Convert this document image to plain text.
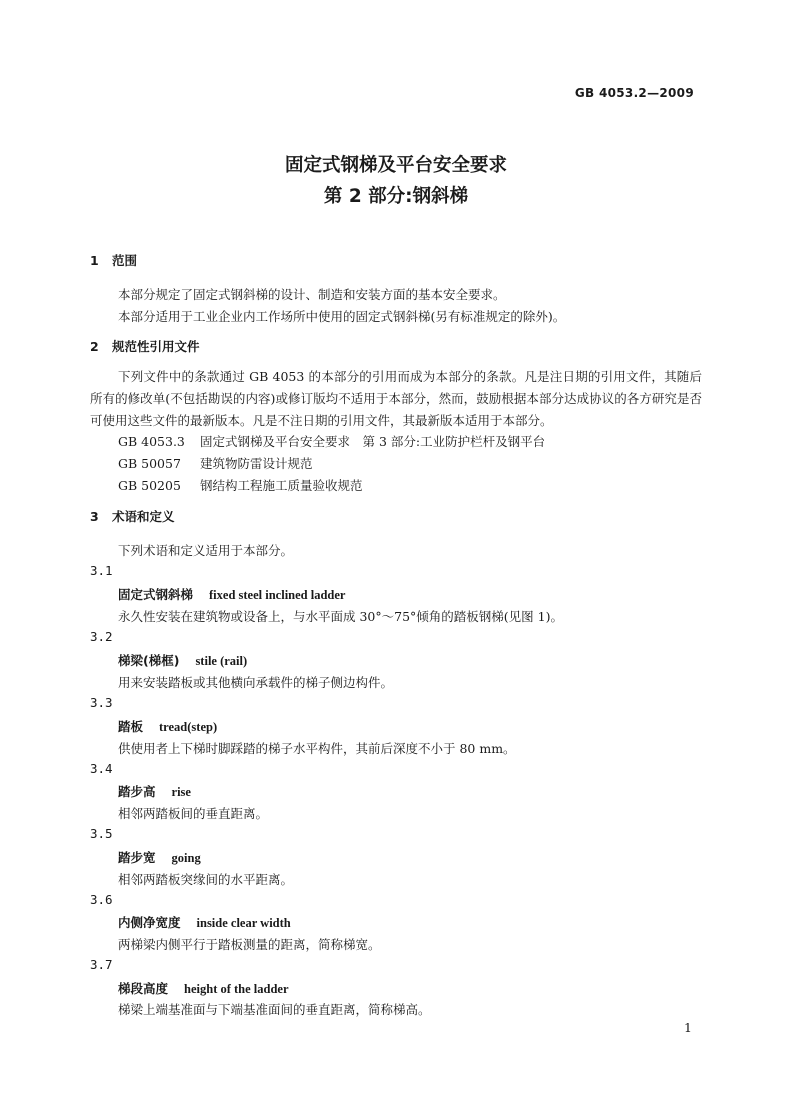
GB 4053.2—2009
固定式钢梯及平台安全要求
第 2 部分:钢斜梯
1 范围
本部分规定了固定式钢斜梯的设计、制造和安装方面的基本安全要求。
本部分适用于工业企业内工作场所中使用的固定式钢斜梯(另有标准规定的除外)。
2 规范性引用文件
下列文件中的条款通过 GB 4053 的本部分的引用而成为本部分的条款。凡是注日期的引用文件，其随后所有的修改单(不包括勘误的内容)或修订版均不适用于本部分，然而，鼓励根据本部分达成协议的各方研究是否可使用这些文件的最新版本。凡是不注日期的引用文件，其最新版本适用于本部分。
GB 4053.3 固定式钢梯及平台安全要求　第 3 部分:工业防护栏杆及钢平台
GB 50057 建筑物防雷设计规范
GB 50205 钢结构工程施工质量验收规范
3 术语和定义
下列术语和定义适用于本部分。
3.1
固定式钢斜梯 fixed steel inclined ladder
永久性安装在建筑物或设备上，与水平面成 30°～75°倾角的踏板钢梯(见图 1)。
3.2
梯梁(梯框) stile (rail)
用来安装踏板或其他横向承载件的梯子侧边构件。
3.3
踏板 tread(step)
供使用者上下梯时脚踩踏的梯子水平构件，其前后深度不小于 80 mm。
3.4
踏步高 rise
相邻两踏板间的垂直距离。
3.5
踏步宽 going
相邻两踏板突缘间的水平距离。
3.6
内侧净宽度 inside clear width
两梯梁内侧平行于踏板测量的距离，简称梯宽。
3.7
梯段高度 height of the ladder
梯梁上端基准面与下端基准面间的垂直距离，简称梯高。
1
